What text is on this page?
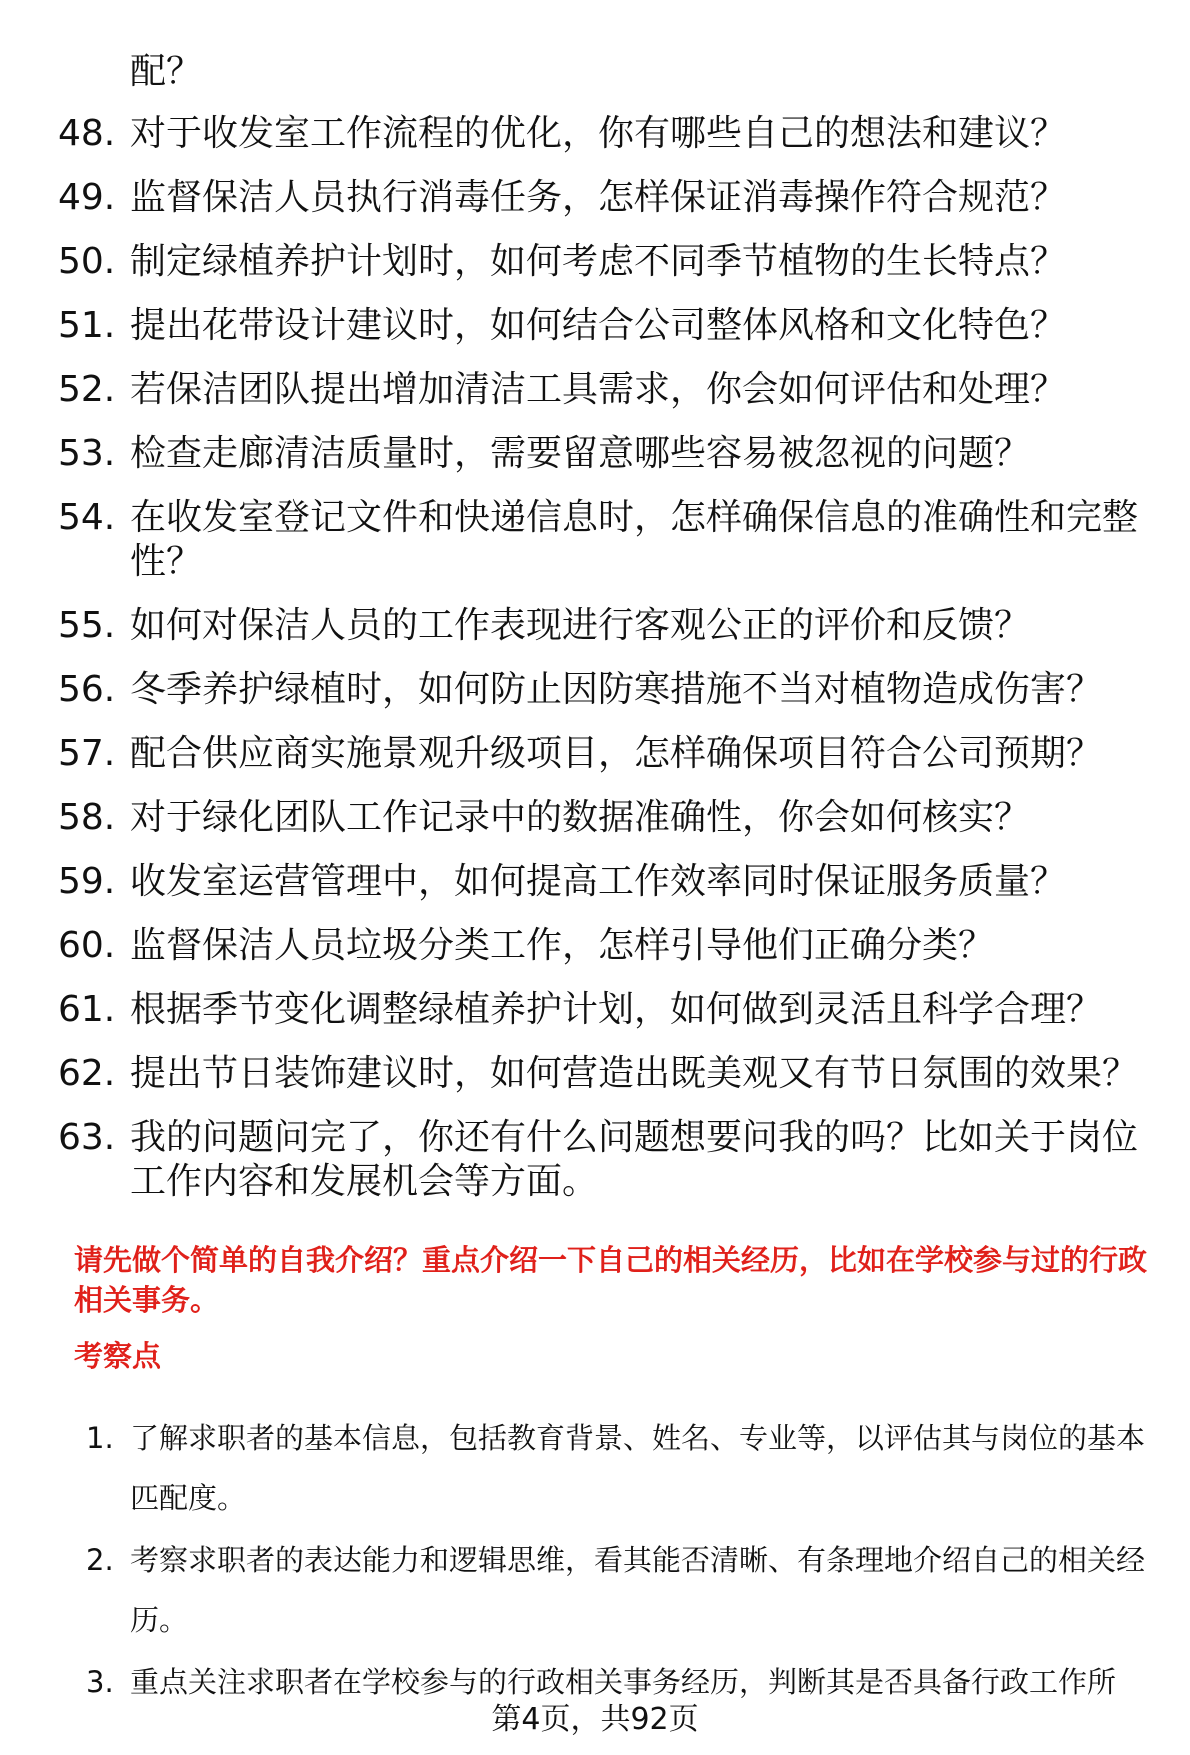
配？
48. 对于收发室工作流程的优化，你有哪些自己的想法和建议？
49. 监督保洁人员执行消毒任务，怎样保证消毒操作符合规范？
50. 制定绿植养护计划时，如何考虑不同季节植物的生长特点？
51. 提出花带设计建议时，如何结合公司整体风格和文化特色？
52. 若保洁团队提出增加清洁工具需求，你会如何评估和处理？
53. 检查走廊清洁质量时，需要留意哪些容易被忽视的问题？
54. 在收发室登记文件和快递信息时，怎样确保信息的准确性和完整性？
55. 如何对保洁人员的工作表现进行客观公正的评价和反馈？
56. 冬季养护绿植时，如何防止因防寒措施不当对植物造成伤害？
57. 配合供应商实施景观升级项目，怎样确保项目符合公司预期？
58. 对于绿化团队工作记录中的数据准确性，你会如何核实？
59. 收发室运营管理中，如何提高工作效率同时保证服务质量？
60. 监督保洁人员垃圾分类工作，怎样引导他们正确分类？
61. 根据季节变化调整绿植养护计划，如何做到灵活且科学合理？
62. 提出节日装饰建议时，如何营造出既美观又有节日氛围的效果？
63. 我的问题问完了，你还有什么问题想要问我的吗？比如关于岗位工作内容和发展机会等方面。
请先做个简单的自我介绍？重点介绍一下自己的相关经历，比如在学校参与过的行政相关事务。
考察点
1. 了解求职者的基本信息，包括教育背景、姓名、专业等，以评估其与岗位的基本匹配度。
2. 考察求职者的表达能力和逻辑思维，看其能否清晰、有条理地介绍自己的相关经历。
3. 重点关注求职者在学校参与的行政相关事务经历，判断其是否具备行政工作所
第4页，共92页
